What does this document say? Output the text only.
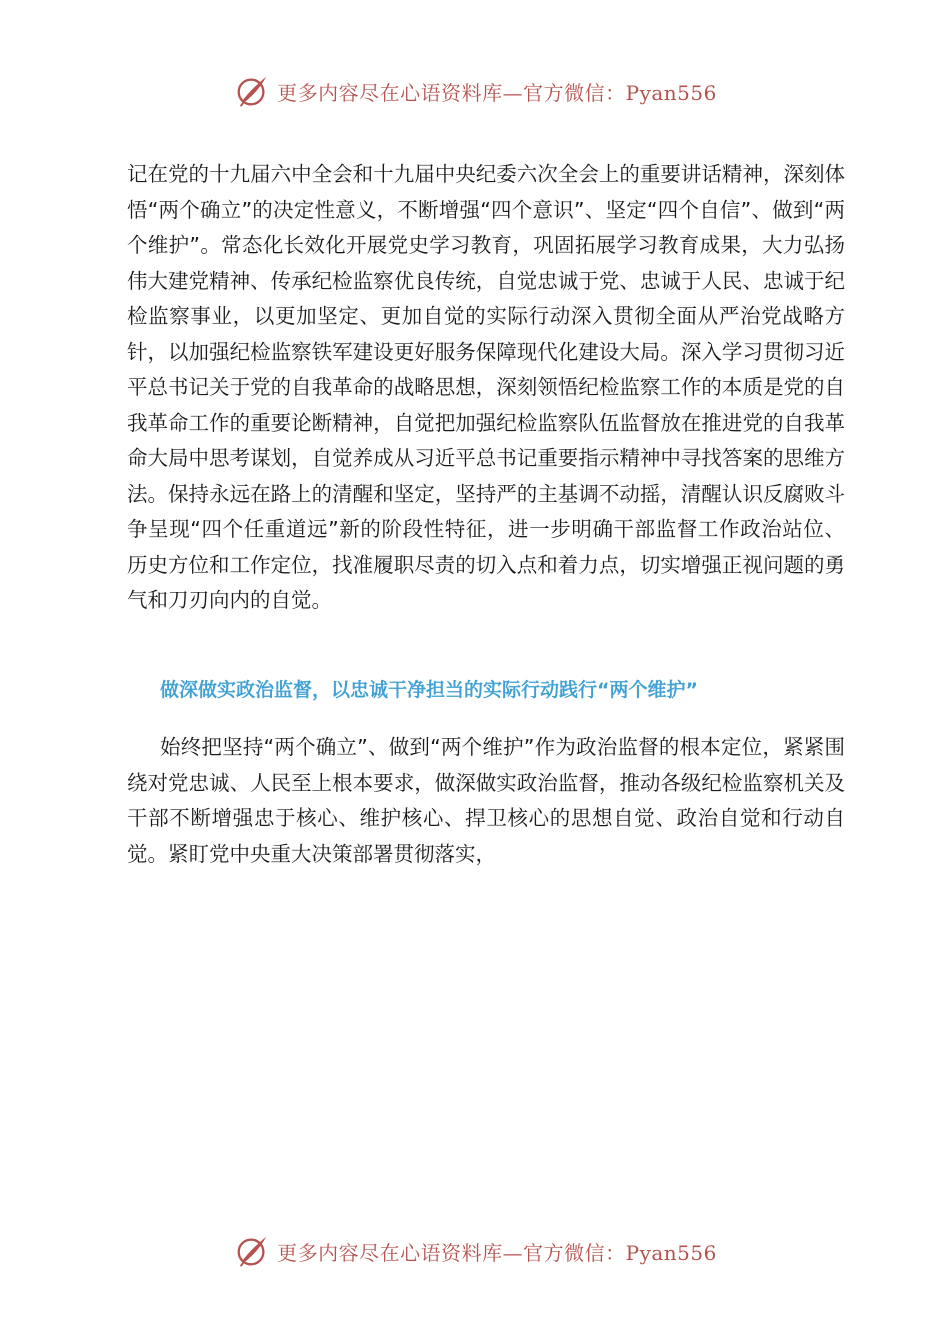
更多内容尽在心语资料库—官方微信：Pyan556

记在党的十九届六中全会和十九届中央纪委六次全会上的重要讲话精神，深刻体悟“两个确立”的决定性意义，不断增强“四个意识”、坚定“四个自信”、做到“两个维护”。常态化长效化开展党史学习教育，巩固拓展学习教育成果，大力弘扬伟大建党精神、传承纪检监察优良传统，自觉忠诚于党、忠诚于人民、忠诚于纪检监察事业，以更加坚定、更加自觉的实际行动深入贯彻全面从严治党战略方针，以加强纪检监察铁军建设更好服务保障现代化建设大局。深入学习贯彻习近平总书记关于党的自我革命的战略思想，深刻领悟纪检监察工作的本质是党的自我革命工作的重要论断精神，自觉把加强纪检监察队伍监督放在推进党的自我革命大局中思考谋划，自觉养成从习近平总书记重要指示精神中寻找答案的思维方法。保持永远在路上的清醒和坚定，坚持严的主基调不动摇，清醒认识反腐败斗争呈现“四个任重道远”新的阶段性特征，进一步明确干部监督工作政治站位、历史方位和工作定位，找准履职尽责的切入点和着力点，切实增强正视问题的勇气和刀刃向内的自觉。

做深做实政治监督，以忠诚干净担当的实际行动践行“两个维护”

始终把坚持“两个确立”、做到“两个维护”作为政治监督的根本定位，紧紧围绕对党忠诚、人民至上根本要求，做深做实政治监督，推动各级纪检监察机关及干部不断增强忠于核心、维护核心、捍卫核心的思想自觉、政治自觉和行动自觉。紧盯党中央重大决策部署贯彻落实，

更多内容尽在心语资料库—官方微信：Pyan556
